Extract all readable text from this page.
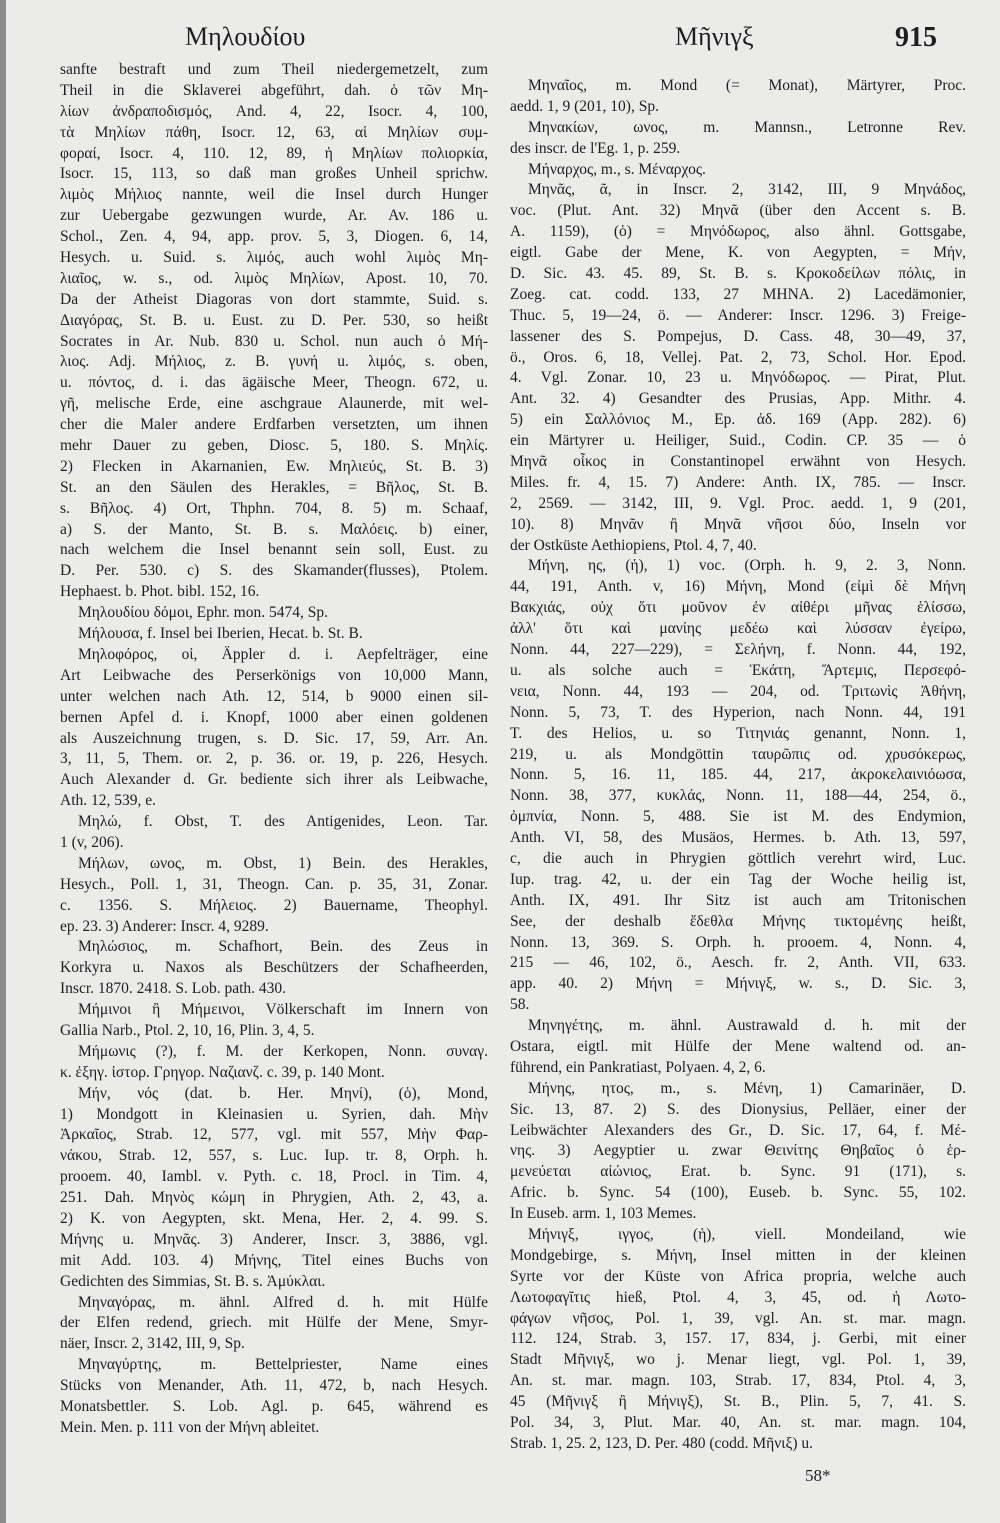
Μηλουδίου	Μῆνιγξ	915
sanfte bestraft und zum Theil niedergemetzelt, zum
Theil in die Sklaverei abgeführt, dah. ὁ τῶν Μη-
λίων ἀνδραποδισμός, And. 4, 22, Isocr. 4, 100,
τὰ Μηλίων πάθη, Isocr. 12, 63, αἱ Μηλίων συμ-
φοραί, Isocr. 4, 110. 12, 89, ἡ Μηλίων πολιορκία,
Isocr. 15, 113, so daß man großes Unheil sprichw.
λιμὸς Μήλιος nannte, weil die Insel durch Hunger
zur Uebergabe gezwungen wurde, Ar. Av. 186 u.
Schol., Zen. 4, 94, app. prov. 5, 3, Diogen. 6, 14,
Hesych. u. Suid. s. λιμός, auch wohl λιμὸς Μη-
λιαῖος, w. s., od. λιμὸς Μηλίων, Apost. 10, 70.
Da der Atheist Diagoras von dort stammte, Suid. s.
Διαγόρας, St. B. u. Eust. zu D. Per. 530, so heißt
Socrates in Ar. Nub. 830 u. Schol. nun auch ὁ Μή-
λιος. Adj. Μήλιος, z. B. γυνή u. λιμός, s. oben,
u. πόντος, d. i. das ägäische Meer, Theogn. 672, u.
γῆ, melische Erde, eine aschgraue Alaunerde, mit wel-
cher die Maler andere Erdfarben versetzten, um ihnen
mehr Dauer zu geben, Diosc. 5, 180. S. Μηλίς.
2) Flecken in Akarnanien, Ew. Μηλιεύς, St. B. 3)
St. an den Säulen des Herakles, = Βῆλος, St. B.
s. Βῆλος. 4) Ort, Thphn. 704, 8. 5) m. Schaaf,
a) S. der Manto, St. B. s. Μαλόεις. b) einer,
nach welchem die Insel benannt sein soll, Eust. zu
D. Per. 530. c) S. des Skamander(flusses), Ptolem.
Hephaest. b. Phot. bibl. 152, 16.
Μηλουδίου δόμοι, Ephr. mon. 5474, Sp.
Μήλουσα, f. Insel bei Iberien, Hecat. b. St. B.
Μηλοφόρος, οἱ, Äppler d. i. Aepfelträger, eine
Art Leibwache des Perserkönigs von 10,000 Mann,
unter welchen nach Ath. 12, 514, b 9000 einen sil-
bernen Apfel d. i. Knopf, 1000 aber einen goldenen
als Auszeichnung trugen, s. D. Sic. 17, 59, Arr. An.
3, 11, 5, Them. or. 2, p. 36. or. 19, p. 226, Hesych.
Auch Alexander d. Gr. bediente sich ihrer als Leibwache,
Ath. 12, 539, e.
Μηλώ, f. Obst, T. des Antigenides, Leon. Tar.
1 (v, 206).
Μήλων, ωνος, m. Obst, 1) Bein. des Herakles,
Hesych., Poll. 1, 31, Theogn. Can. p. 35, 31, Zonar.
c. 1356. S. Μήλειος. 2) Bauername, Theophyl.
ep. 23. 3) Anderer: Inscr. 4, 9289.
Μηλώσιος, m. Schafhort, Bein. des Zeus in
Korkyra u. Naxos als Beschützers der Schafheerden,
Inscr. 1870. 2418. S. Lob. path. 430.
Μήμινοι ἢ Μήμεινοι, Völkerschaft im Innern von
Gallia Narb., Ptol. 2, 10, 16, Plin. 3, 4, 5.
Μήμωνις (?), f. M. der Kerkopen, Nonn. συναγ.
κ. ἐξηγ. ἱστορ. Γρηγορ. Ναζιανζ. c. 39, p. 140 Mont.
Μήν, νός (dat. b. Her. Μηνί), (ὁ), Mond,
1) Mondgott in Kleinasien u. Syrien, dah. Μὴν
Ἀρκαῖος, Strab. 12, 577, vgl. mit 557, Μὴν Φαρ-
νάκου, Strab. 12, 557, s. Luc. Iup. tr. 8, Orph. h.
prooem. 40, Iambl. v. Pyth. c. 18, Procl. in Tim. 4,
251. Dah. Μηνὸς κώμη in Phrygien, Ath. 2, 43, a.
2) K. von Aegypten, skt. Mena, Her. 2, 4. 99. S.
Μήνης u. Μηνᾶς. 3) Anderer, Inscr. 3, 3886, vgl.
mit Add. 103. 4) Μήνης, Titel eines Buchs von
Gedichten des Simmias, St. B. s. Ἀμύκλαι.
Μηναγόρας, m. ähnl. Alfred d. h. mit Hülfe
der Elfen redend, griech. mit Hülfe der Mene, Smyr-
näer, Inscr. 2, 3142, III, 9, Sp.
Μηναγύρτης, m. Bettelpriester, Name eines
Stücks von Menander, Ath. 11, 472, b, nach Hesych.
Monatsbettler. S. Lob. Agl. p. 645, während es
Mein. Men. p. 111 von der Μήνη ableitet.
Μηναῖος, m. Mond (= Monat), Märtyrer, Proc.
aedd. 1, 9 (201, 10), Sp.
Μηνακίων, ωνος, m. Mannsn., Letronne Rev.
des inscr. de l'Eg. 1, p. 259.
Μήναρχος, m., s. Μέναρχος.
Μηνᾶς, ᾶ, in Inscr. 2, 3142, III, 9 Μηνάδος,
voc. (Plut. Ant. 32) Μηνᾶ (über den Accent s. B.
A. 1159), (ὁ) = Μηνόδωρος, also ähnl. Gottsgabe,
eigtl. Gabe der Mene, K. von Aegypten, = Μήν,
D. Sic. 43. 45. 89, St. B. s. Κροκοδείλων πόλις, in
Zoeg. cat. codd. 133, 27 ΜΗΝΑ. 2) Lacedämonier,
Thuc. 5, 19—24, ö. — Anderer: Inscr. 1296. 3) Freige-
lassener des S. Pompejus, D. Cass. 48, 30—49, 37,
ö., Oros. 6, 18, Vellej. Pat. 2, 73, Schol. Hor. Epod.
4. Vgl. Zonar. 10, 23 u. Μηνόδωρος. — Pirat, Plut.
Ant. 32. 4) Gesandter des Prusias, App. Mithr. 4.
5) ein Σαλλόνιος Μ., Ep. ἀδ. 169 (App. 282). 6)
ein Märtyrer u. Heiliger, Suid., Codin. CP. 35 — ὁ
Μηνᾶ οἶκος in Constantinopel erwähnt von Hesych.
Miles. fr. 4, 15. 7) Andere: Anth. IX, 785. — Inscr.
2, 2569. — 3142, III, 9. Vgl. Proc. aedd. 1, 9 (201,
10). 8) Μηνᾶν ἢ Μηνᾶ νῆσοι δύο, Inseln vor
der Ostküste Aethiopiens, Ptol. 4, 7, 40.
Μήνη, ης, (ἡ), 1) voc. (Orph. h. 9, 2. 3, Nonn.
44, 191, Anth. v, 16) Μήνη, Mond (εἰμὶ δὲ Μήνη
Βακχιάς, οὐχ ὅτι μοῦνον ἐν αἰθέρι μῆνας ἑλίσσω,
ἀλλ' ὅτι καὶ μανίης μεδέω καὶ λύσσαν ἐγείρω,
Nonn. 44, 227—229), = Σελήνη, f. Nonn. 44, 192,
u. als solche auch = Ἑκάτη, Ἄρτεμις, Περσεφό-
νεια, Nonn. 44, 193 — 204, od. Τριτωνὶς Ἀθήνη,
Nonn. 5, 73, T. des Hyperion, nach Nonn. 44, 191
T. des Helios, u. so Τιτηνιάς genannt, Nonn. 1,
219, u. als Mondgöttin ταυρῶπις od. χρυσόκερως,
Nonn. 5, 16. 11, 185. 44, 217, ἀκροκελαινιόωσα,
Nonn. 38, 377, κυκλάς, Nonn. 11, 188—44, 254, ö.,
ὀμπνία, Nonn. 5, 488. Sie ist M. des Endymion,
Anth. VI, 58, des Musäos, Hermes. b. Ath. 13, 597,
c, die auch in Phrygien göttlich verehrt wird, Luc.
Iup. trag. 42, u. der ein Tag der Woche heilig ist,
Anth. IX, 491. Ihr Sitz ist auch am Tritonischen
See, der deshalb ἕδεθλα Μήνης τικτομένης heißt,
Nonn. 13, 369. S. Orph. h. prooem. 4, Nonn. 4,
215 — 46, 102, ö., Aesch. fr. 2, Anth. VII, 633.
app. 40. 2) Μήνη = Μήνιγξ, w. s., D. Sic. 3,
58.
Μηνηγέτης, m. ähnl. Austrawald d. h. mit der
Ostara, eigtl. mit Hülfe der Mene waltend od. an-
führend, ein Pankratiast, Polyaen. 4, 2, 6.
Μήνης, ητος, m., s. Μένη, 1) Camarinäer, D.
Sic. 13, 87. 2) S. des Dionysius, Pelläer, einer der
Leibwächter Alexanders des Gr., D. Sic. 17, 64, f. Μέ-
νης. 3) Aegyptier u. zwar Θεινίτης Θηβαῖος ὁ ἑρ-
μενεύεται αἰώνιος, Erat. b. Sync. 91 (171), s.
Afric. b. Sync. 54 (100), Euseb. b. Sync. 55, 102.
In Euseb. arm. 1, 103 Memes.
Μήνιγξ, ιγγος, (ἡ), viell. Mondeiland, wie
Mondgebirge, s. Μήνη, Insel mitten in der kleinen
Syrte vor der Küste von Africa propria, welche auch
Λωτοφαγῖτις hieß, Ptol. 4, 3, 45, od. ἡ Λωτο-
φάγων νῆσος, Pol. 1, 39, vgl. An. st. mar. magn.
112. 124, Strab. 3, 157. 17, 834, j. Gerbi, mit einer
Stadt Μῆνιγξ, wo j. Menar liegt, vgl. Pol. 1, 39,
An. st. mar. magn. 103, Strab. 17, 834, Ptol. 4, 3,
45 (Μῆνιγξ ἢ Μήνιγξ), St. B., Plin. 5, 7, 41. S.
Pol. 34, 3, Plut. Mar. 40, An. st. mar. magn. 104,
Strab. 1, 25. 2, 123, D. Per. 480 (codd. Μῆνιξ) u.
58*
